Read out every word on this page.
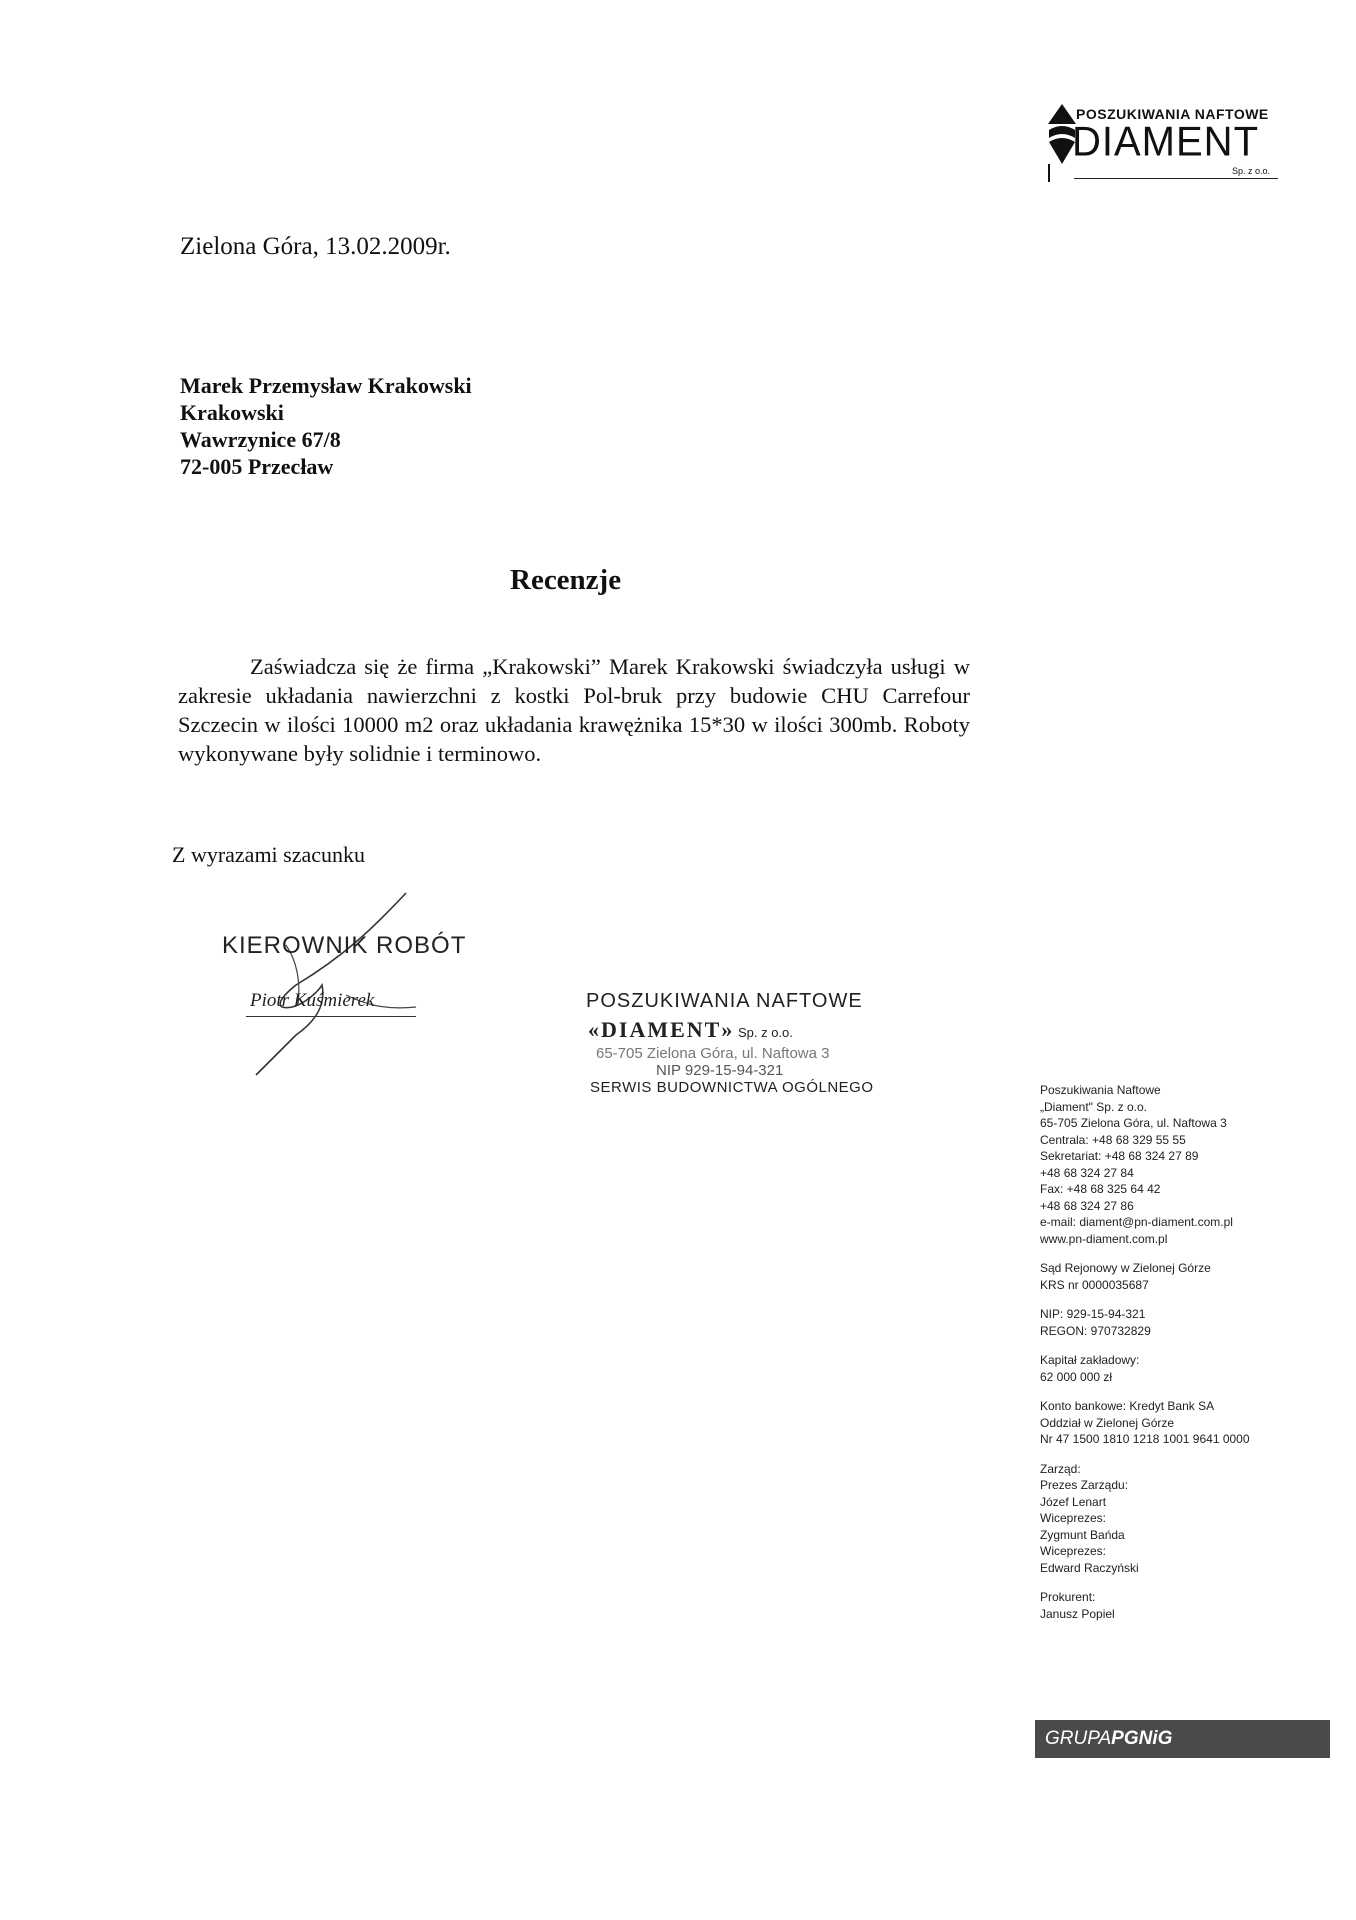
POSZUKIWANIA NAFTOWE
DIAMENT
Sp. z o.o.
Zielona Góra, 13.02.2009r.
Marek Przemysław Krakowski
Krakowski
Wawrzynice 67/8
72-005 Przecław
Recenzje

Zaświadcza się że firma „Krakowski” Marek Krakowski świadczyła usługi w zakresie układania nawierzchni z kostki Pol-bruk przy budowie CHU Carrefour Szczecin w ilości 10000 m2 oraz układania krawężnika 15*30 w ilości 300mb. Roboty wykonywane były solidnie i terminowo.

Z wyrazami szacunku
KIEROWNIK ROBÓT
Piotr Kuśmierek	POSZUKIWANIA NAFTOWE
«DIAMENT» Sp. z o.o.
65-705 Zielona Góra, ul. Naftowa 3
NIP 929-15-94-321
SERWIS BUDOWNICTWA OGÓLNEGO	Poszukiwania Naftowe
„Diament" Sp. z o.o.
65-705 Zielona Góra, ul. Naftowa 3
Centrala: +48 68 329 55 55
Sekretariat: +48 68 324 27 89
+48 68 324 27 84
Fax: +48 68 325 64 42
+48 68 324 27 86
e-mail: diament@pn-diament.com.pl
www.pn-diament.com.pl
Sąd Rejonowy w Zielonej Górze
KRS nr 0000035687
NIP: 929-15-94-321
REGON: 970732829
Kapitał zakładowy:
62 000 000 zł
Konto bankowe: Kredyt Bank SA
Oddział w Zielonej Górze
Nr 47 1500 1810 1218 1001 9641 0000
Zarząd:
Prezes Zarządu:
Józef Lenart
Wiceprezes:
Zygmunt Bańda
Wiceprezes:
Edward Raczyński
Prokurent:
Janusz Popiel
GRUPAPGNiG
